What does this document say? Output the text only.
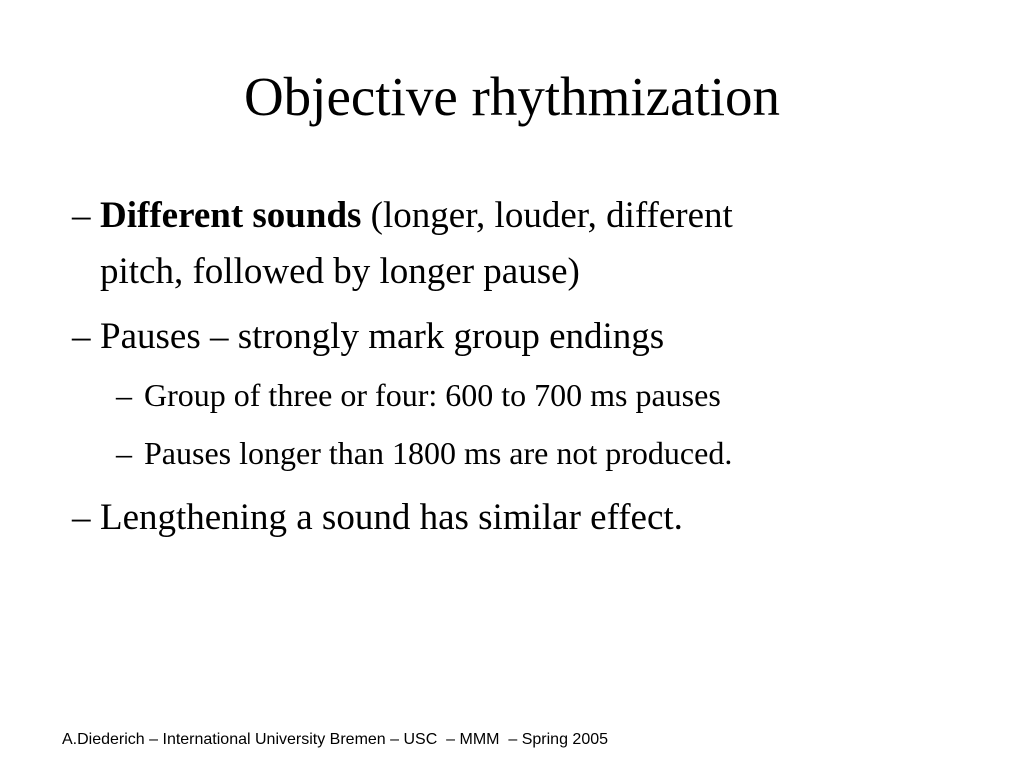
Objective rhythmization
– Different sounds (longer, louder, different
pitch, followed by longer pause)
– Pauses – strongly mark group endings
– Group of three or four: 600 to 700 ms pauses
– Pauses longer than 1800 ms are not produced.
– Lengthening a sound has similar effect.
A.Diederich – International University Bremen – USC  – MMM  – Spring 2005
